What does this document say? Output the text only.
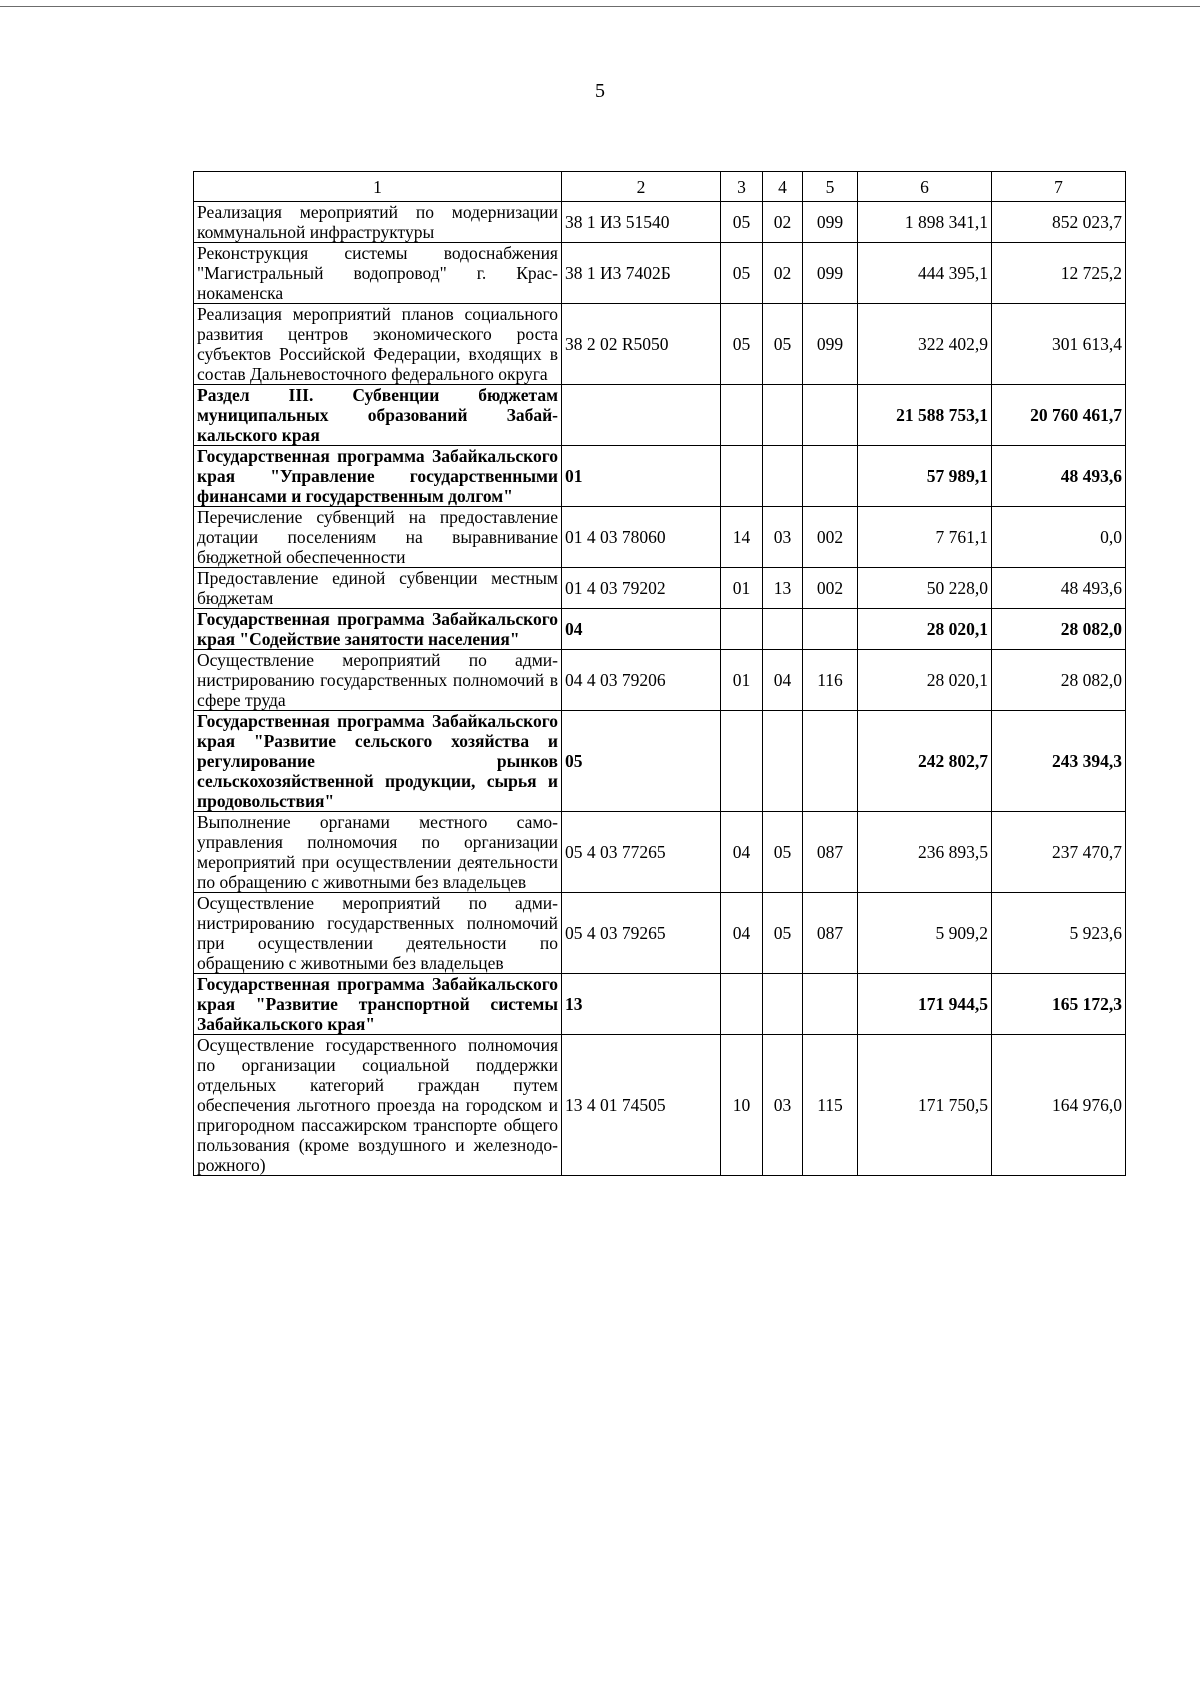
5
1	2	3	4	5	6	7
Реализация мероприятий по модернизации коммунальной инфраструктуры	38 1 И3 51540	05	02	099	1 898 341,1	852 023,7
Реконструкция системы водоснабжения "Магистральный водопровод" г. Краснокаменска	38 1 И3 7402Б	05	02	099	444 395,1	12 725,2
Реализация мероприятий планов социального развития центров экономического роста субъектов Российской Федерации, входящих в состав Дальневосточного федерального округа	38 2 02 R5050	05	05	099	322 402,9	301 613,4
Раздел III. Субвенции бюджетам муниципальных образований Забайкальского края					21 588 753,1	20 760 461,7
Государственная программа Забайкальского края "Управление государственными финансами и государственным долгом"	01				57 989,1	48 493,6
Перечисление субвенций на предоставление дотации поселениям на выравнивание бюджетной обеспеченности	01 4 03 78060	14	03	002	7 761,1	0,0
Предоставление единой субвенции местным бюджетам	01 4 03 79202	01	13	002	50 228,0	48 493,6
Государственная программа Забайкальского края "Содействие занятости населения"	04				28 020,1	28 082,0
Осуществление мероприятий по администрированию государственных полномочий в сфере труда	04 4 03 79206	01	04	116	28 020,1	28 082,0
Государственная программа Забайкальского края "Развитие сельского хозяйства и регулирование рынков сельскохозяйственной продукции, сырья и продовольствия"	05				242 802,7	243 394,3
Выполнение органами местного самоуправления полномочия по организации мероприятий при осуществлении деятельности по обращению с животными без владельцев	05 4 03 77265	04	05	087	236 893,5	237 470,7
Осуществление мероприятий по администрированию государственных полномочий при осуществлении деятельности по обращению с животными без владельцев	05 4 03 79265	04	05	087	5 909,2	5 923,6
Государственная программа Забайкальского края "Развитие транспортной системы Забайкальского края"	13				171 944,5	165 172,3
Осуществление государственного полномочия по организации социальной поддержки отдельных категорий граждан путем обеспечения льготного проезда на городском и пригородном пассажирском транспорте общего пользования (кроме воздушного и железнодорожного)	13 4 01 74505	10	03	115	171 750,5	164 976,0
